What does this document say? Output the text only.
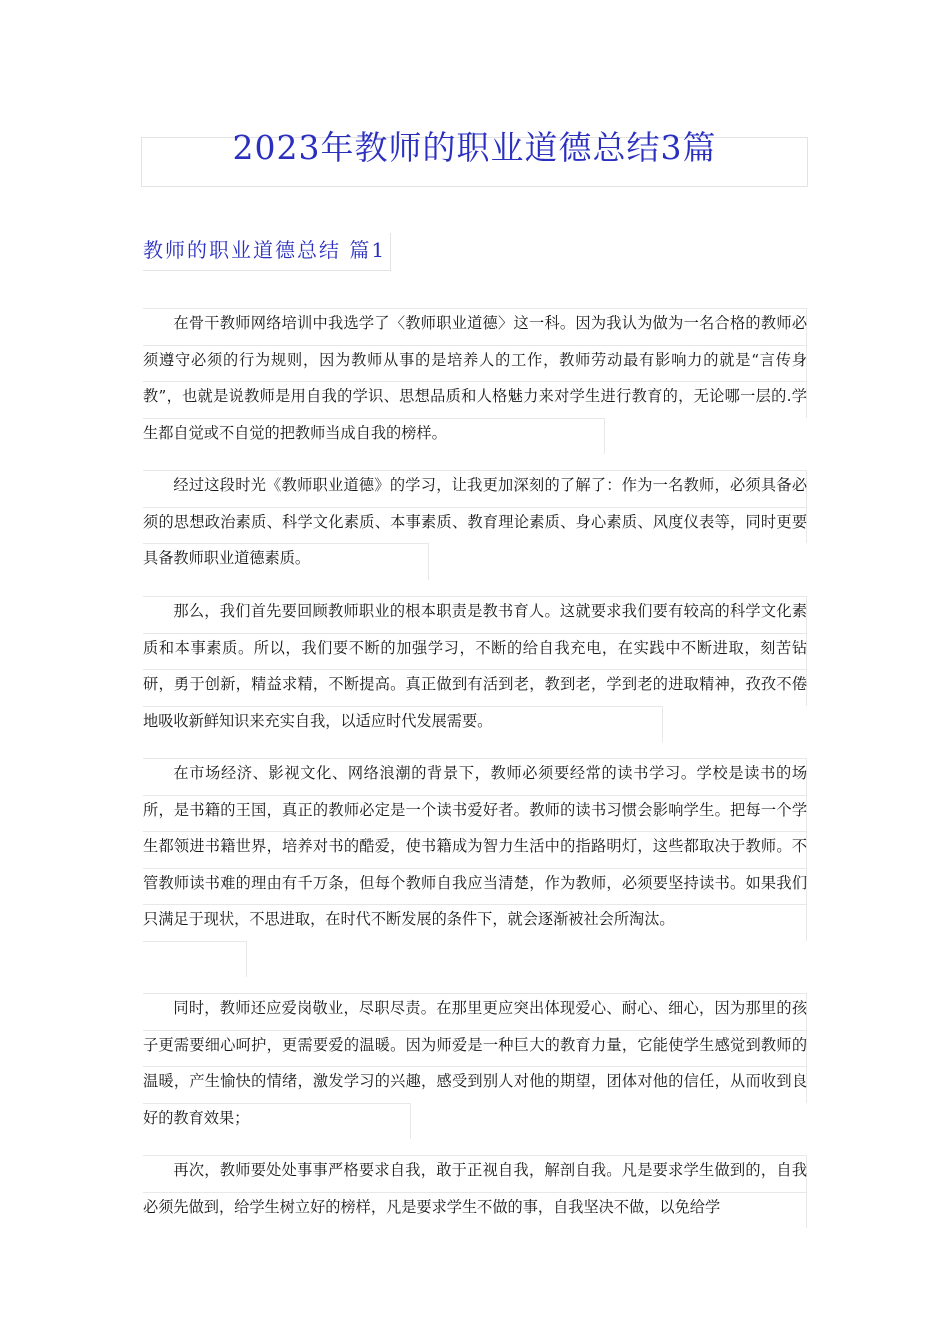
2023年教师的职业道德总结3篇
教师的职业道德总结 篇1

在骨干教师网络培训中我选学了〈教师职业道德〉这一科。因为我认为做为一名合格的教师必须遵守必须的行为规则，因为教师从事的是培养人的工作，教师劳动最有影响力的就是“言传身教”，也就是说教师是用自我的学识、思想品质和人格魅力来对学生进行教育的，无论哪一层的.学生都自觉或不自觉的把教师当成自我的榜样。

经过这段时光《教师职业道德》的学习，让我更加深刻的了解了：作为一名教师，必须具备必须的思想政治素质、科学文化素质、本事素质、教育理论素质、身心素质、风度仪表等，同时更要具备教师职业道德素质。

那么，我们首先要回顾教师职业的根本职责是教书育人。这就要求我们要有较高的科学文化素质和本事素质。所以，我们要不断的加强学习，不断的给自我充电，在实践中不断进取，刻苦钻研，勇于创新，精益求精，不断提高。真正做到有活到老，教到老，学到老的进取精神，孜孜不倦地吸收新鲜知识来充实自我，以适应时代发展需要。

在市场经济、影视文化、网络浪潮的背景下，教师必须要经常的读书学习。学校是读书的场所，是书籍的王国，真正的教师必定是一个读书爱好者。教师的读书习惯会影响学生。把每一个学生都领进书籍世界，培养对书的酷爱，使书籍成为智力生活中的指路明灯，这些都取决于教师。不管教师读书难的理由有千万条，但每个教师自我应当清楚，作为教师，必须要坚持读书。如果我们只满足于现状，不思进取，在时代不断发展的条件下，就会逐渐被社会所淘汰。

同时，教师还应爱岗敬业，尽职尽责。在那里更应突出体现爱心、耐心、细心，因为那里的孩子更需要细心呵护，更需要爱的温暖。因为师爱是一种巨大的教育力量，它能使学生感觉到教师的温暖，产生愉快的情绪，激发学习的兴趣，感受到别人对他的期望，团体对他的信任，从而收到良好的教育效果；

再次，教师要处处事事严格要求自我，敢于正视自我，解剖自我。凡是要求学生做到的，自我必须先做到，给学生树立好的榜样，凡是要求学生不做的事，自我坚决不做，以免给学
